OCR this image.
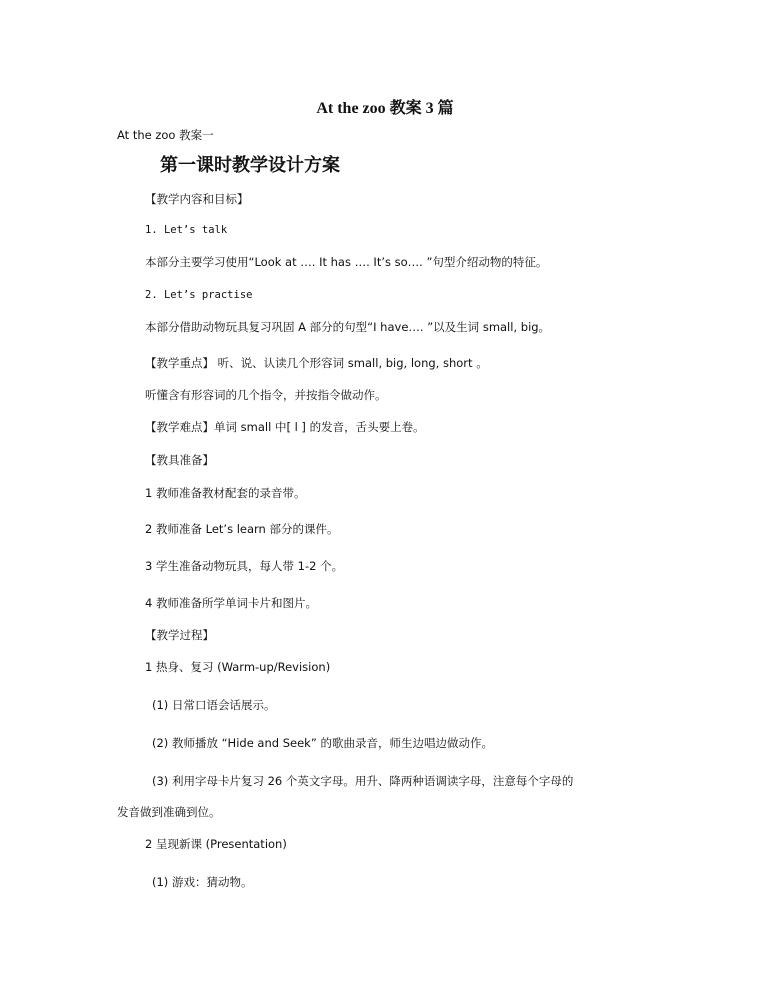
At the zoo 教案 3 篇

At the zoo 教案一

第一课时教学设计方案

【教学内容和目标】

1. Let’s talk

本部分主要学习使用“Look at …. It has …. It’s so…. ”句型介绍动物的特征。

2. Let’s practise

本部分借助动物玩具复习巩固 A 部分的句型“I have…. ”以及生词 small, big。

【教学重点】 听、说、认读几个形容词 small, big, long, short 。

听懂含有形容词的几个指令，并按指令做动作。

【教学难点】单词 small 中[ l ] 的发音，舌头要上卷。

【教具准备】

1 教师准备教材配套的录音带。

2 教师准备 Let’s learn 部分的课件。

3 学生准备动物玩具，每人带 1-2 个。

4 教师准备所学单词卡片和图片。

【教学过程】

1 热身、复习 (Warm-up/Revision)

(1) 日常口语会话展示。

(2) 教师播放 “Hide and Seek” 的歌曲录音，师生边唱边做动作。

(3) 利用字母卡片复习 26 个英文字母。用升、降两种语调读字母，注意每个字母的

发音做到准确到位。

2 呈现新课 (Presentation)

(1) 游戏：猜动物。
